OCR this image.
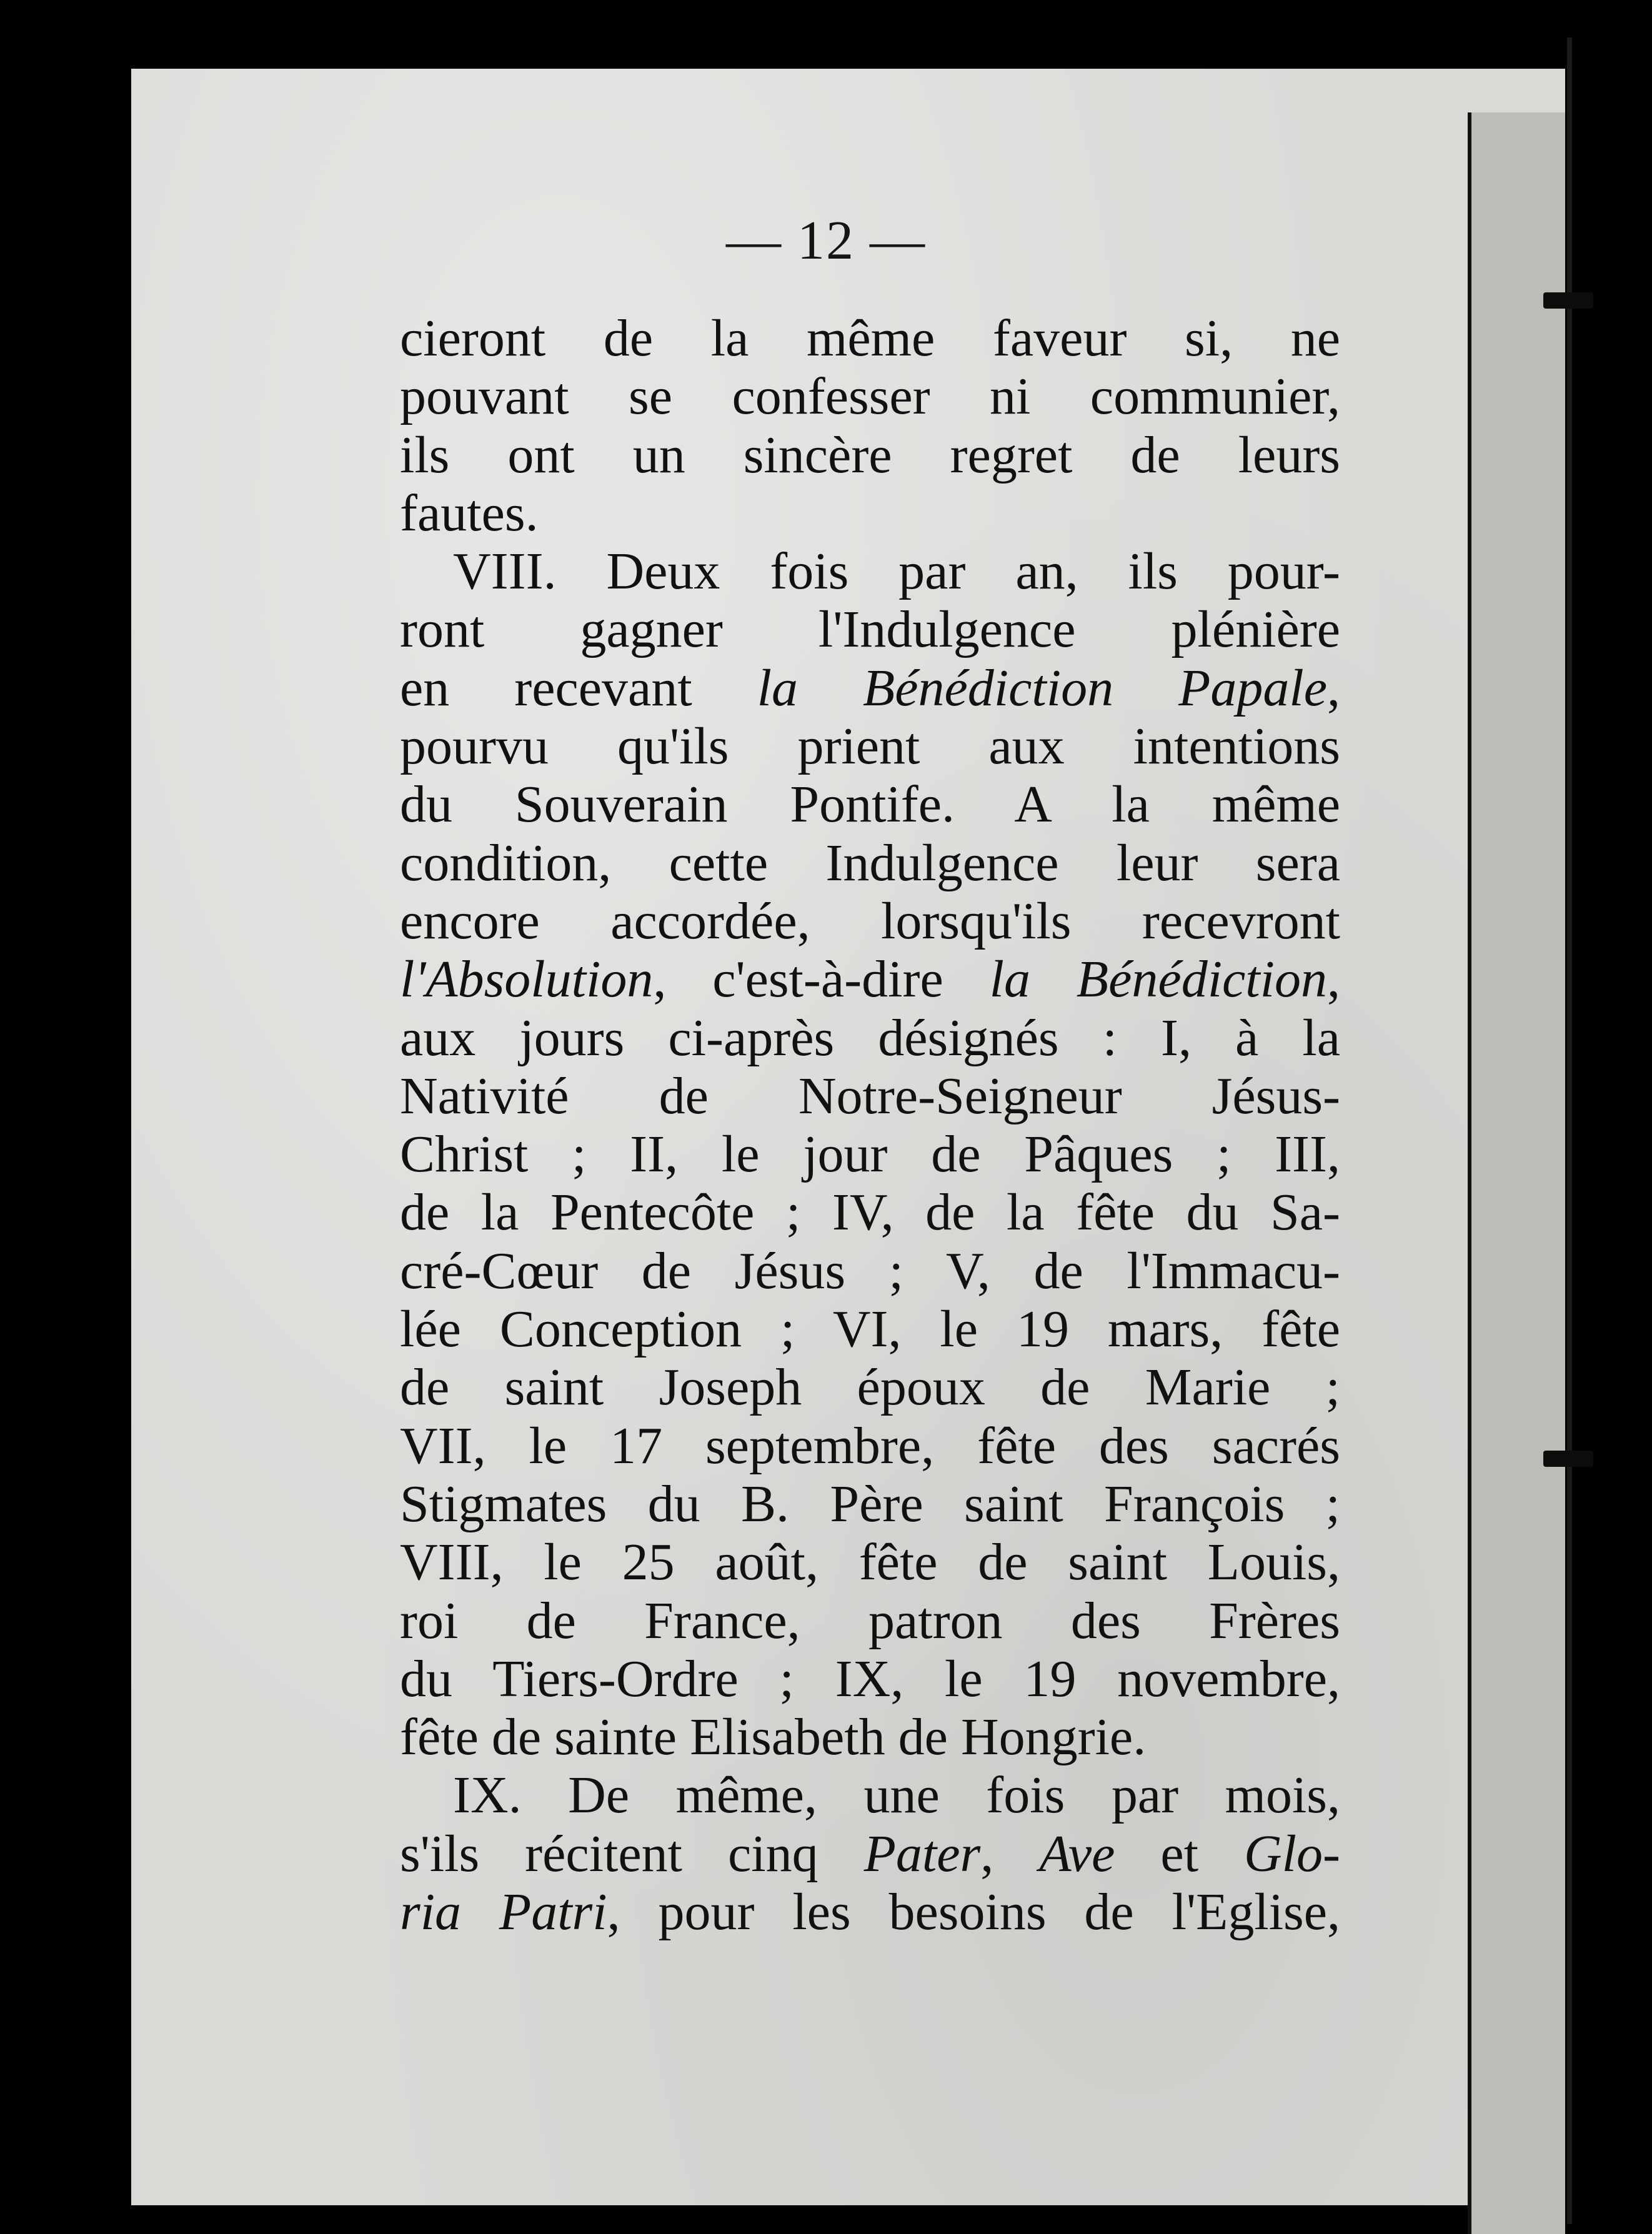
— 12 —
cieront de la même faveur si, ne
pouvant se confesser ni communier,
ils ont un sincère regret de leurs
fautes.
VIII. Deux fois par an, ils pour-
ront gagner l'Indulgence plénière
en recevant la Bénédiction Papale,
pourvu qu'ils prient aux intentions
du Souverain Pontife. A la même
condition, cette Indulgence leur sera
encore accordée, lorsqu'ils recevront
l'Absolution, c'est-à-dire la Bénédiction,
aux jours ci-après désignés : I, à la
Nativité de Notre-Seigneur Jésus-
Christ ; II, le jour de Pâques ; III,
de la Pentecôte ; IV, de la fête du Sa-
cré-Cœur de Jésus ; V, de l'Immacu-
lée Conception ; VI, le 19 mars, fête
de saint Joseph époux de Marie ;
VII, le 17 septembre, fête des sacrés
Stigmates du B. Père saint François ;
VIII, le 25 août, fête de saint Louis,
roi de France, patron des Frères
du Tiers-Ordre ; IX, le 19 novembre,
fête de sainte Elisabeth de Hongrie.
IX. De même, une fois par mois,
s'ils récitent cinq Pater, Ave et Glo-
ria Patri, pour les besoins de l'Eglise,
